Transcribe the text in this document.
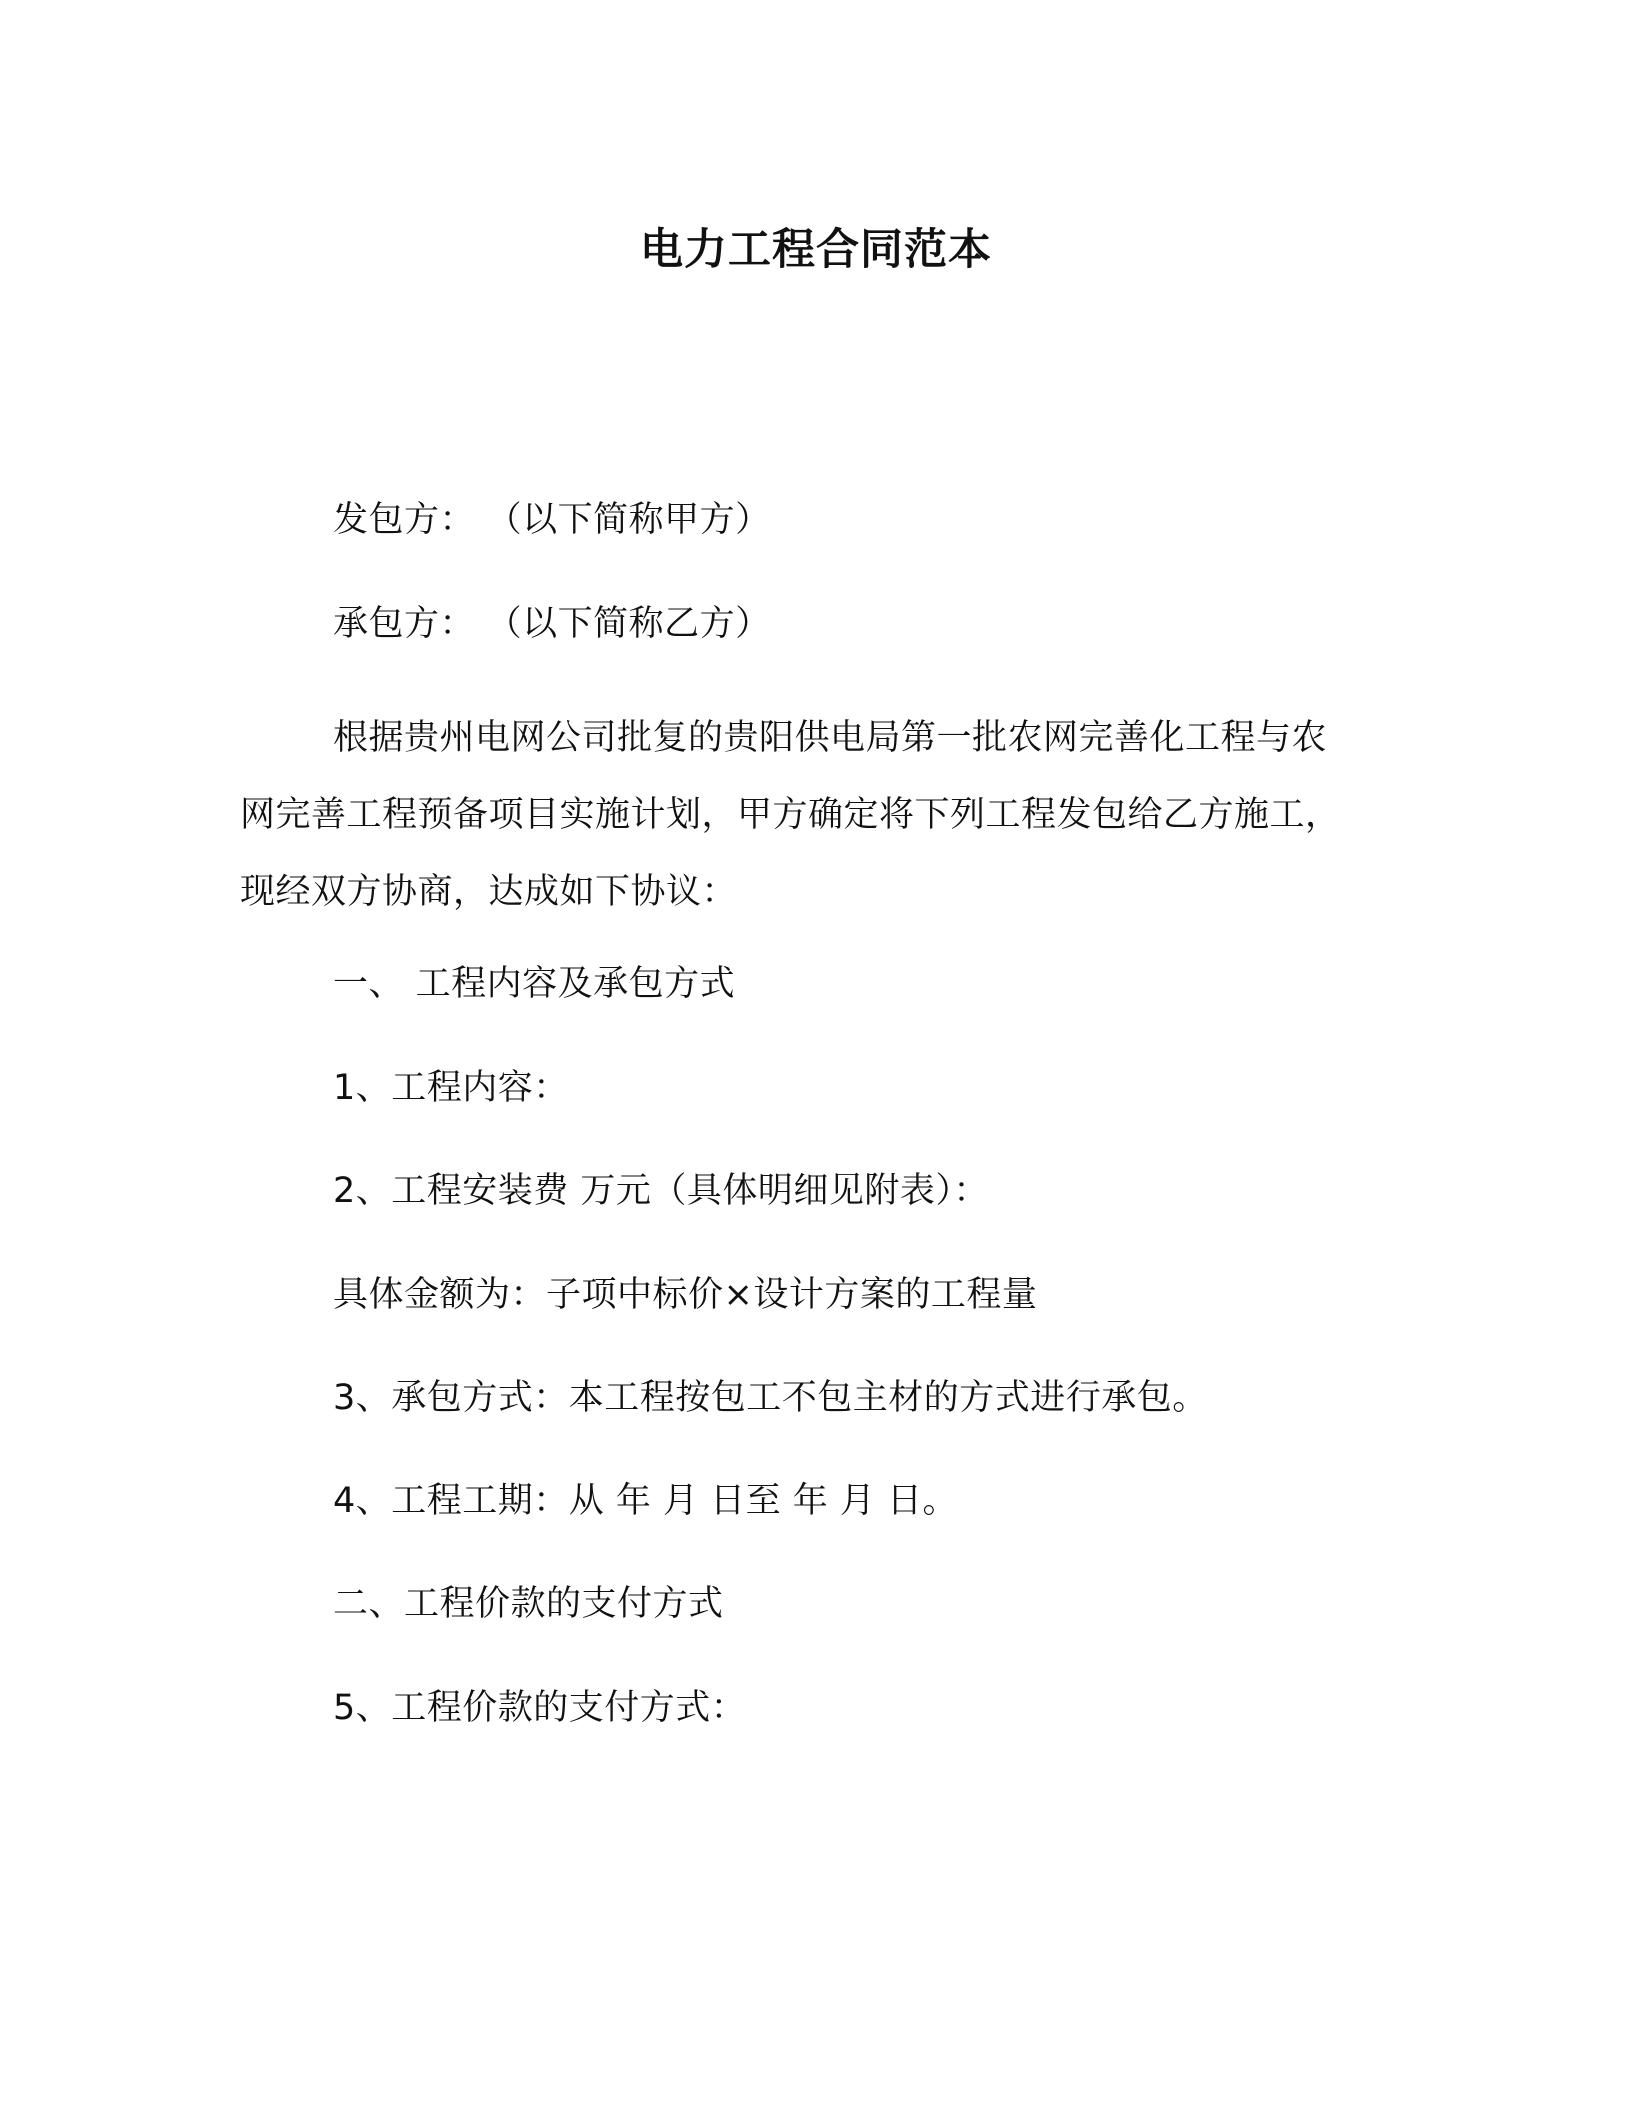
电力工程合同范本
发包方： （以下简称甲方）
承包方： （以下简称乙方）
根据贵州电网公司批复的贵阳供电局第一批农网完善化工程与农
网完善工程预备项目实施计划，甲方确定将下列工程发包给乙方施工，
现经双方协商，达成如下协议：
一、 工程内容及承包方式
1、工程内容：
2、工程安装费 万元（具体明细见附表）：
具体金额为：子项中标价×设计方案的工程量
3、承包方式：本工程按包工不包主材的方式进行承包。
4、工程工期：从 年 月 日至 年 月 日。
二、工程价款的支付方式
5、工程价款的支付方式：
